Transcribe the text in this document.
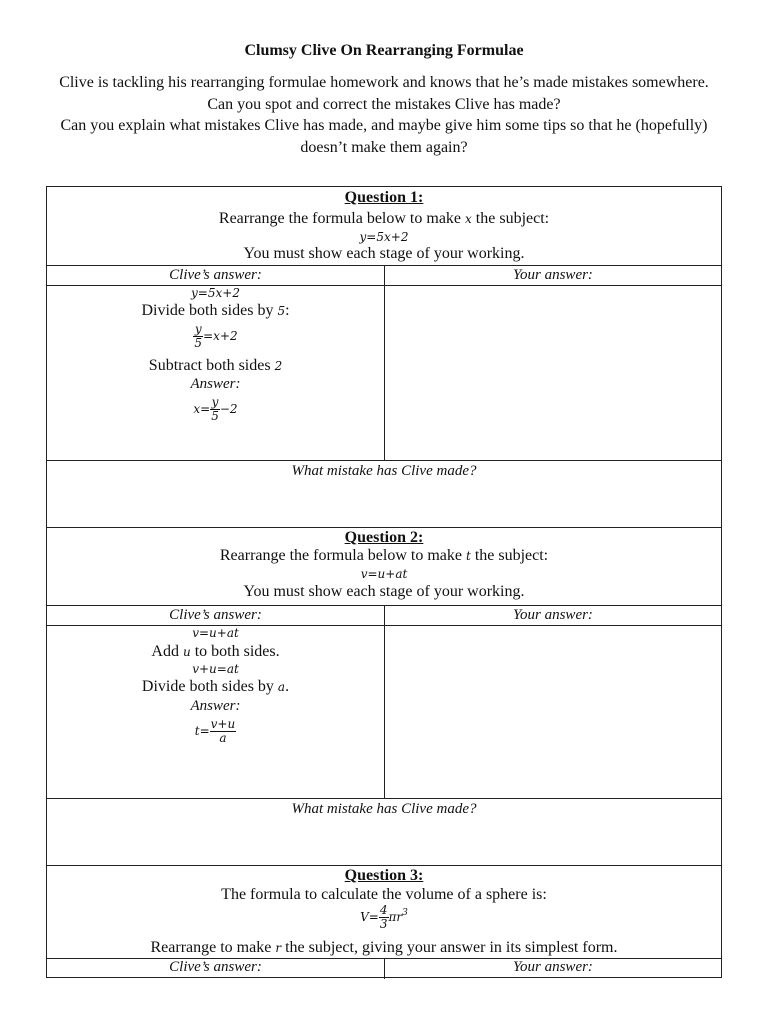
Clumsy Clive On Rearranging Formulae
Clive is tackling his rearranging formulae homework and knows that he’s made mistakes somewhere.
Can you spot and correct the mistakes Clive has made?
Can you explain what mistakes Clive has made, and maybe give him some tips so that he (hopefully) doesn’t make them again?
Question 1:
Rearrange the formula below to make x the subject:
y=5x+2
You must show each stage of your working.
Clive’s answer:	Your answer:
y=5x+2
Divide both sides by 5:
$\frac{y}{5} =x+2$
Subtract both sides 2
Answer:
$x= \frac{y}{5} -2$
What mistake has Clive made?
Question 2:
Rearrange the formula below to make t the subject:
v=u+at
You must show each stage of your working.
Clive’s answer:	Your answer:
v=u+at
Add u to both sides.
v+u=at
Divide both sides by a.
Answer:
$t= \frac{v+u}{a}$
What mistake has Clive made?
Question 3:
The formula to calculate the volume of a sphere is:
$V= \frac{4}{3} \pi r^3$
Rearrange to make r the subject, giving your answer in its simplest form.
Clive’s answer:	Your answer:
